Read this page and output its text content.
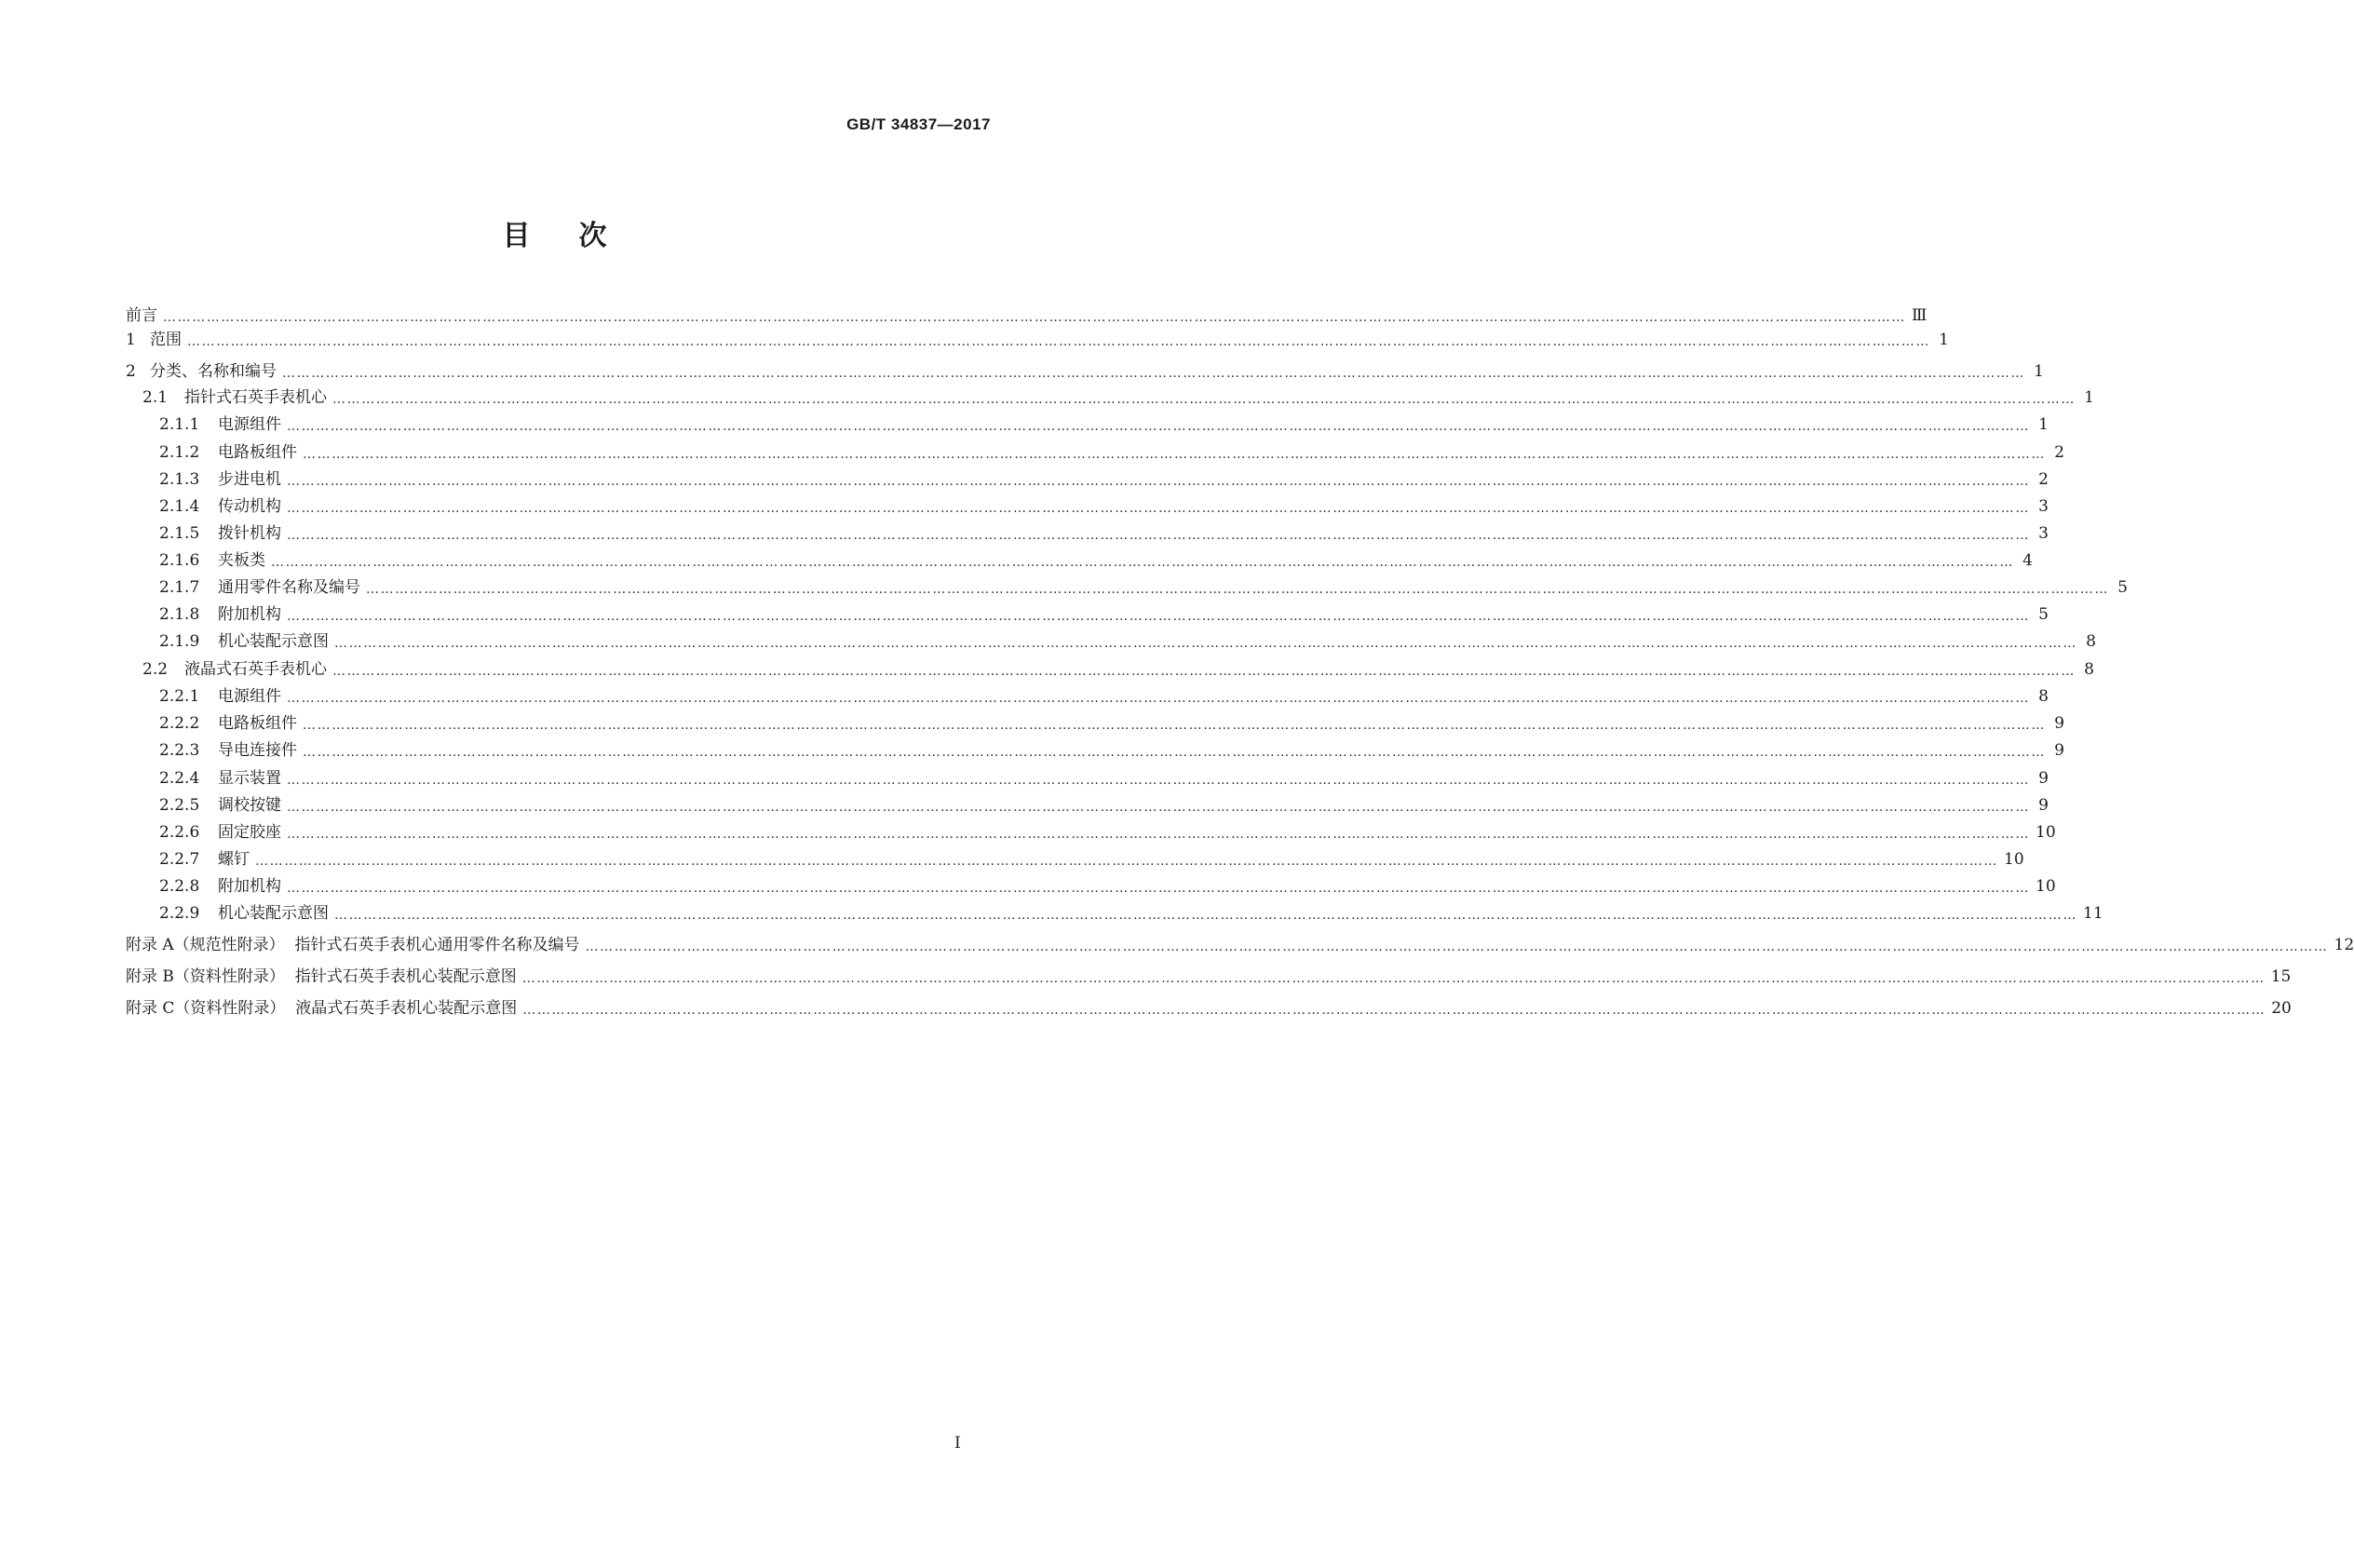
GB/T 34837—2017
目次
前言 ……………………………………………………………………………………………………………………………………………………………………………………………………………………………………………………………………………………………………………………………… Ⅲ
1 范围 ……………………………………………………………………………………………………………………………………………………………………………………………………………………………………………………………………………………………………………………………… 1
2 分类、名称和编号 ……………………………………………………………………………………………………………………………………………………………………………………………………………………………………………………………………………………………………………………………… 1
2.1 指针式石英手表机心 ……………………………………………………………………………………………………………………………………………………………………………………………………………………………………………………………………………………………………………………………… 1
2.1.1 电源组件 ……………………………………………………………………………………………………………………………………………………………………………………………………………………………………………………………………………………………………………………………… 1
2.1.2 电路板组件 ……………………………………………………………………………………………………………………………………………………………………………………………………………………………………………………………………………………………………………………………… 2
2.1.3 步进电机 ……………………………………………………………………………………………………………………………………………………………………………………………………………………………………………………………………………………………………………………………… 2
2.1.4 传动机构 ……………………………………………………………………………………………………………………………………………………………………………………………………………………………………………………………………………………………………………………………… 3
2.1.5 拨针机构 ……………………………………………………………………………………………………………………………………………………………………………………………………………………………………………………………………………………………………………………………… 3
2.1.6 夹板类 ……………………………………………………………………………………………………………………………………………………………………………………………………………………………………………………………………………………………………………………………… 4
2.1.7 通用零件名称及编号 ……………………………………………………………………………………………………………………………………………………………………………………………………………………………………………………………………………………………………………………………… 5
2.1.8 附加机构 ……………………………………………………………………………………………………………………………………………………………………………………………………………………………………………………………………………………………………………………………… 5
2.1.9 机心装配示意图 ……………………………………………………………………………………………………………………………………………………………………………………………………………………………………………………………………………………………………………………………… 8
2.2 液晶式石英手表机心 ……………………………………………………………………………………………………………………………………………………………………………………………………………………………………………………………………………………………………………………………… 8
2.2.1 电源组件 ……………………………………………………………………………………………………………………………………………………………………………………………………………………………………………………………………………………………………………………………… 8
2.2.2 电路板组件 ……………………………………………………………………………………………………………………………………………………………………………………………………………………………………………………………………………………………………………………………… 9
2.2.3 导电连接件 ……………………………………………………………………………………………………………………………………………………………………………………………………………………………………………………………………………………………………………………………… 9
2.2.4 显示装置 ……………………………………………………………………………………………………………………………………………………………………………………………………………………………………………………………………………………………………………………………… 9
2.2.5 调校按键 ……………………………………………………………………………………………………………………………………………………………………………………………………………………………………………………………………………………………………………………………… 9
2.2.6 固定胶座 ……………………………………………………………………………………………………………………………………………………………………………………………………………………………………………………………………………………………………………………………… 10
2.2.7 螺钉 ……………………………………………………………………………………………………………………………………………………………………………………………………………………………………………………………………………………………………………………………… 10
2.2.8 附加机构 ……………………………………………………………………………………………………………………………………………………………………………………………………………………………………………………………………………………………………………………………… 10
2.2.9 机心装配示意图 ……………………………………………………………………………………………………………………………………………………………………………………………………………………………………………………………………………………………………………………………… 11
附录 A（规范性附录）  指针式石英手表机心通用零件名称及编号 ……………………………………………………………………………………………………………………………………………………………………………………………………………………………………………………………………………………………………………………………… 12
附录 B（资料性附录）  指针式石英手表机心装配示意图 ……………………………………………………………………………………………………………………………………………………………………………………………………………………………………………………………………………………………………………………………… 15
附录 C（资料性附录）  液晶式石英手表机心装配示意图 ……………………………………………………………………………………………………………………………………………………………………………………………………………………………………………………………………………………………………………………………… 20
I
